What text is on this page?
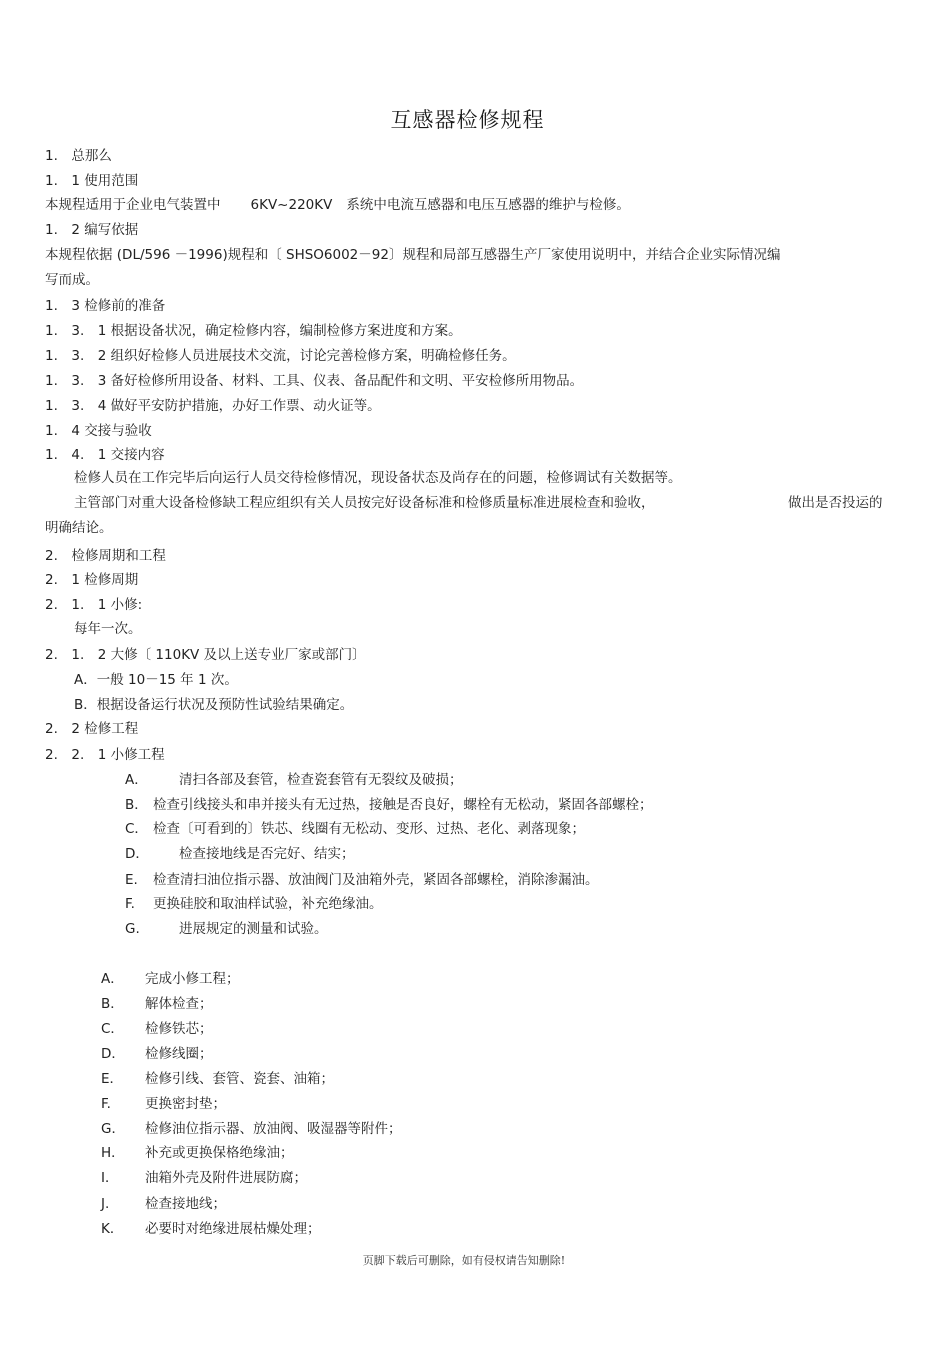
互感器检修规程
1.　总那么
1.　1 使用范围
本规程适用于企业电气装置中 6KV~220KV 系统中电流互感器和电压互感器的维护与检修。
1.　2 编写依据
本规程依据 (DL/596 －1996)规程和〔 SHSO6002－92〕规程和局部互感器生产厂家使用说明中，并结合企业实际情况编
写而成。
1.　3 检修前的准备
1.　3.　1 根据设备状况，确定检修内容，编制检修方案进度和方案。
1.　3.　2 组织好检修人员进展技术交流，讨论完善检修方案，明确检修任务。
1.　3.　3 备好检修所用设备、材料、工具、仪表、备品配件和文明、平安检修所用物品。
1.　3.　4 做好平安防护措施，办好工作票、动火证等。
1.　4 交接与验收
1.　4.　1 交接内容
检修人员在工作完毕后向运行人员交待检修情况，现设备状态及尚存在的问题，检修调试有关数据等。
主管部门对重大设备检修缺工程应组织有关人员按完好设备标准和检修质量标准进展检查和验收，	做出是否投运的
明确结论。
2.　检修周期和工程
2.　1 检修周期
2.　1.　1 小修:
每年一次。
2.　1.　2 大修〔 110KV 及以上送专业厂家或部门〕
A．一般 10－15 年 1 次。
B．根据设备运行状况及预防性试验结果确定。
2.　2 检修工程
2.　2.　1 小修工程
A． 清扫各部及套管，检查瓷套管有无裂纹及破损；
B． 检查引线接头和串并接头有无过热，接触是否良好，螺栓有无松动，紧固各部螺栓；
C． 检查〔可看到的〕铁芯、线圈有无松动、变形、过热、老化、剥落现象；
D． 检查接地线是否完好、结实；
E. 检查清扫油位指示器、放油阀门及油箱外壳，紧固各部螺栓，消除渗漏油。
F. 更换硅胶和取油样试验，补充绝缘油。
G.	进展规定的测量和试验。
A． 完成小修工程；
B． 解体检查；
C． 检修铁芯；
D． 检修线圈；
E． 检修引线、套管、瓷套、油箱；
F.	更换密封垫；
G． 检修油位指示器、放油阀、吸湿器等附件；
H． 补充或更换保格绝缘油；
I． 油箱外壳及附件进展防腐；
J.	检查接地线；
K． 必要时对绝缘进展枯燥处理；
页脚下载后可删除，如有侵权请告知删除!
